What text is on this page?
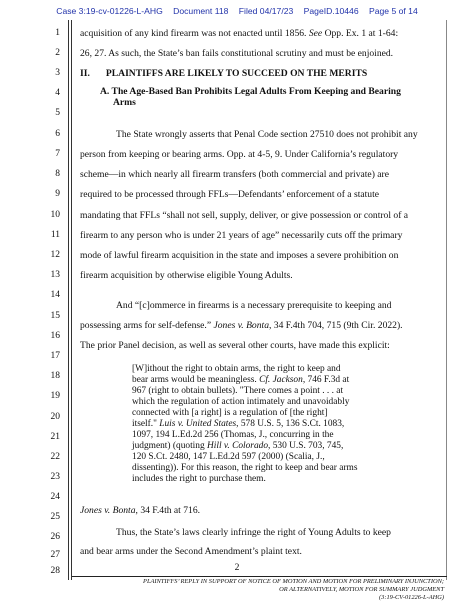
Case 3:19-cv-01226-L-AHG Document 118 Filed 04/17/23 PageID.10446 Page 5 of 14
1
2
3
4
5
6
7
8
9
10
11
12
13
14
15
16
17
18
19
20
21
22
23
24
25
26
27
28
acquisition of any kind firearm was not enacted until 1856. See Opp. Ex. 1 at 1-64:
26, 27. As such, the State’s ban fails constitutional scrutiny and must be enjoined.
II. PLAINTIFFS ARE LIKELY TO SUCCEED ON THE MERITS
A. The Age-Based Ban Prohibits Legal Adults From Keeping and Bearing
Arms
The State wrongly asserts that Penal Code section 27510 does not prohibit any
person from keeping or bearing arms. Opp. at 4-5, 9. Under California’s regulatory
scheme—in which nearly all firearm transfers (both commercial and private) are
required to be processed through FFLs—Defendants’ enforcement of a statute
mandating that FFLs “shall not sell, supply, deliver, or give possession or control of a
firearm to any person who is under 21 years of age” necessarily cuts off the primary
mode of lawful firearm acquisition in the state and imposes a severe prohibition on
firearm acquisition by otherwise eligible Young Adults.
And “[c]ommerce in firearms is a necessary prerequisite to keeping and
possessing arms for self-defense.” Jones v. Bonta, 34 F.4th 704, 715 (9th Cir. 2022).
The prior Panel decision, as well as several other courts, have made this explicit:
[W]ithout the right to obtain arms, the right to keep and
bear arms would be meaningless. Cf. Jackson, 746 F.3d at
967 (right to obtain bullets). "There comes a point . . . at
which the regulation of action intimately and unavoidably
connected with [a right] is a regulation of [the right]
itself." Luis v. United States, 578 U.S. 5, 136 S.Ct. 1083,
1097, 194 L.Ed.2d 256 (Thomas, J., concurring in the
judgment) (quoting Hill v. Colorado, 530 U.S. 703, 745,
120 S.Ct. 2480, 147 L.Ed.2d 597 (2000) (Scalia, J.,
dissenting)). For this reason, the right to keep and bear arms
includes the right to purchase them.
Jones v. Bonta, 34 F.4th at 716.
Thus, the State’s laws clearly infringe the right of Young Adults to keep
and bear arms under the Second Amendment’s plaint text.
2
PLAINTIFFS’ REPLY IN SUPPORT OF NOTICE OF MOTION AND MOTION FOR PRELIMINARY INJUNCTION;
OR ALTERNATIVELY, MOTION FOR SUMMARY JUDGMENT
(3:19-CV-01226-L-AHG)
